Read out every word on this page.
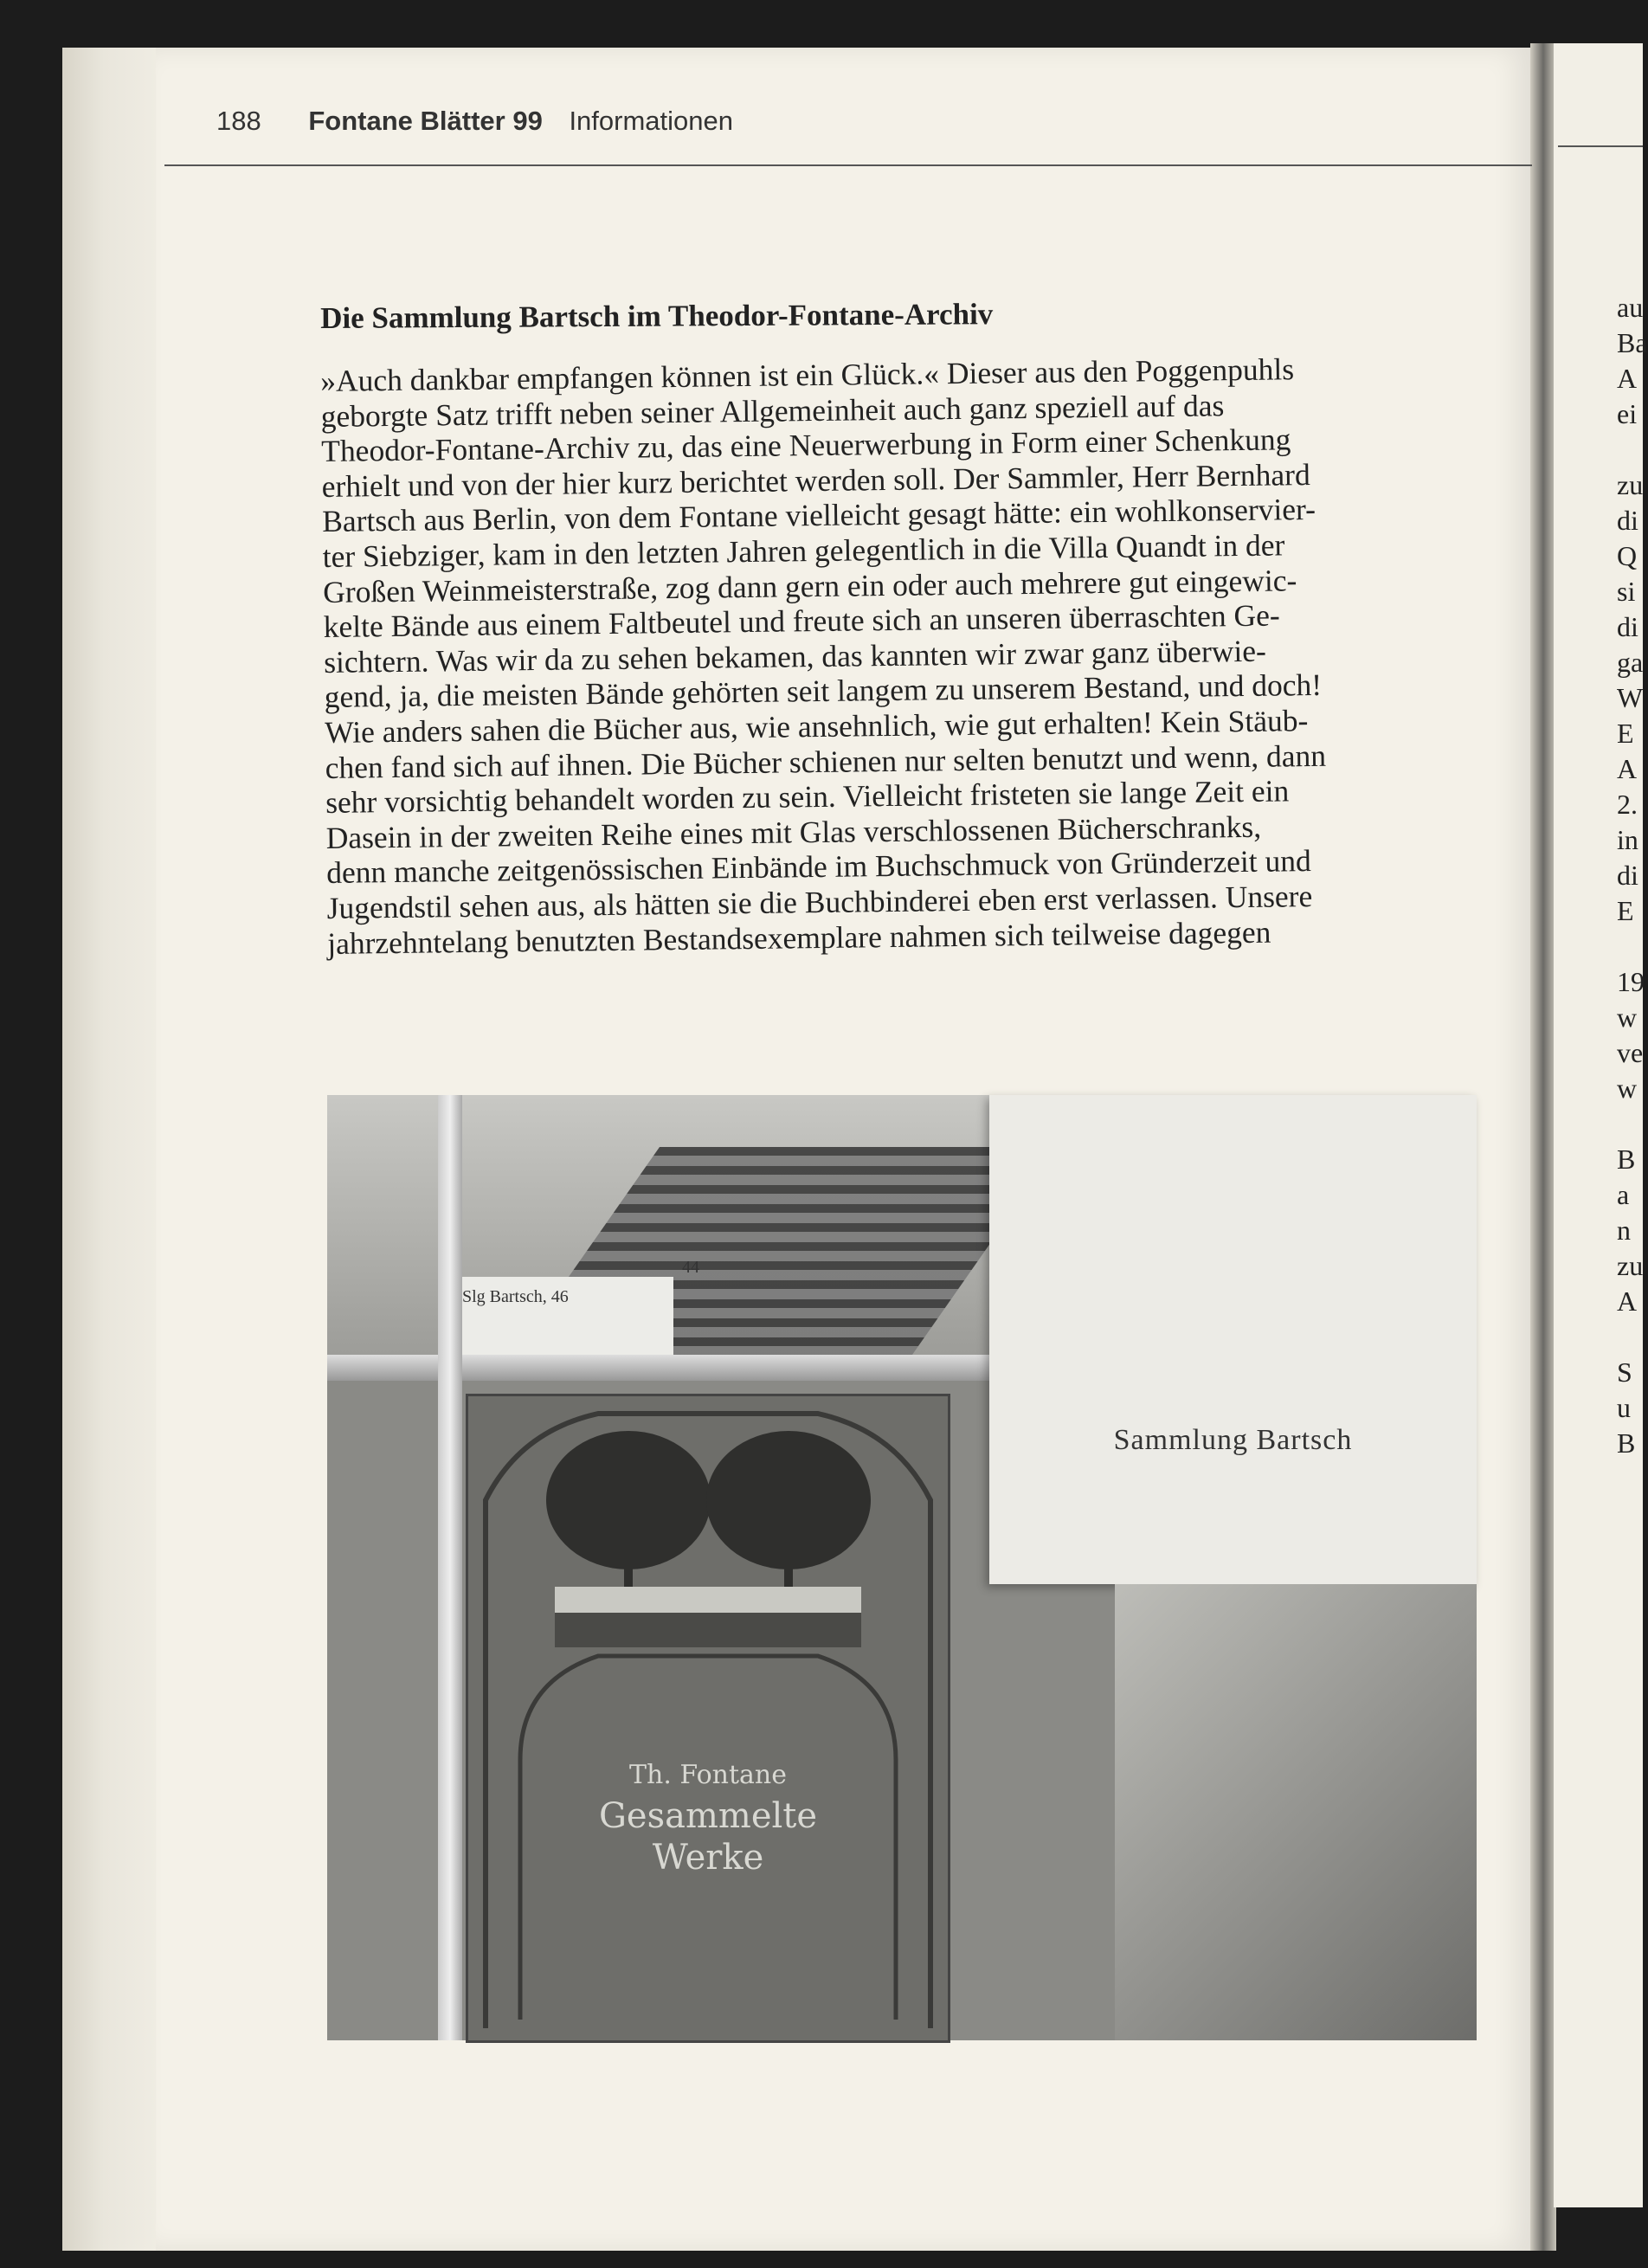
188 Fontane Blätter 99 Informationen
Die Sammlung Bartsch im Theodor-Fontane-Archiv
»Auch dankbar empfangen können ist ein Glück.« Dieser aus den Poggenpuhls
geborgte Satz trifft neben seiner Allgemeinheit auch ganz speziell auf das
Theodor-Fontane-Archiv zu, das eine Neuerwerbung in Form einer Schenkung
erhielt und von der hier kurz berichtet werden soll. Der Sammler, Herr Bernhard
Bartsch aus Berlin, von dem Fontane vielleicht gesagt hätte: ein wohlkonservier-
ter Siebziger, kam in den letzten Jahren gelegentlich in die Villa Quandt in der
Großen Weinmeisterstraße, zog dann gern ein oder auch mehrere gut eingewic-
kelte Bände aus einem Faltbeutel und freute sich an unseren überraschten Ge-
sichtern. Was wir da zu sehen bekamen, das kannten wir zwar ganz überwie-
gend, ja, die meisten Bände gehörten seit langem zu unserem Bestand, und doch!
Wie anders sahen die Bücher aus, wie ansehnlich, wie gut erhalten! Kein Stäub-
chen fand sich auf ihnen. Die Bücher schienen nur selten benutzt und wenn, dann
sehr vorsichtig behandelt worden zu sein. Vielleicht fristeten sie lange Zeit ein
Dasein in der zweiten Reihe eines mit Glas verschlossenen Bücherschranks,
denn manche zeitgenössischen Einbände im Buchschmuck von Gründerzeit und
Jugendstil sehen aus, als hätten sie die Buchbinderei eben erst verlassen. Unsere
jahrzehntelang benutzten Bestandsexemplare nahmen sich teilweise dagegen
Slg Bartsch, 46
44
Th. Fontane
Gesammelte
Werke
Sammlung Bartsch
au
Ba
A
ei
zu
di
Q
si
di
ga
W
E
A
2.
in
di
E
19
w
ve
w
B
a
n
zu
A
S
u
B
